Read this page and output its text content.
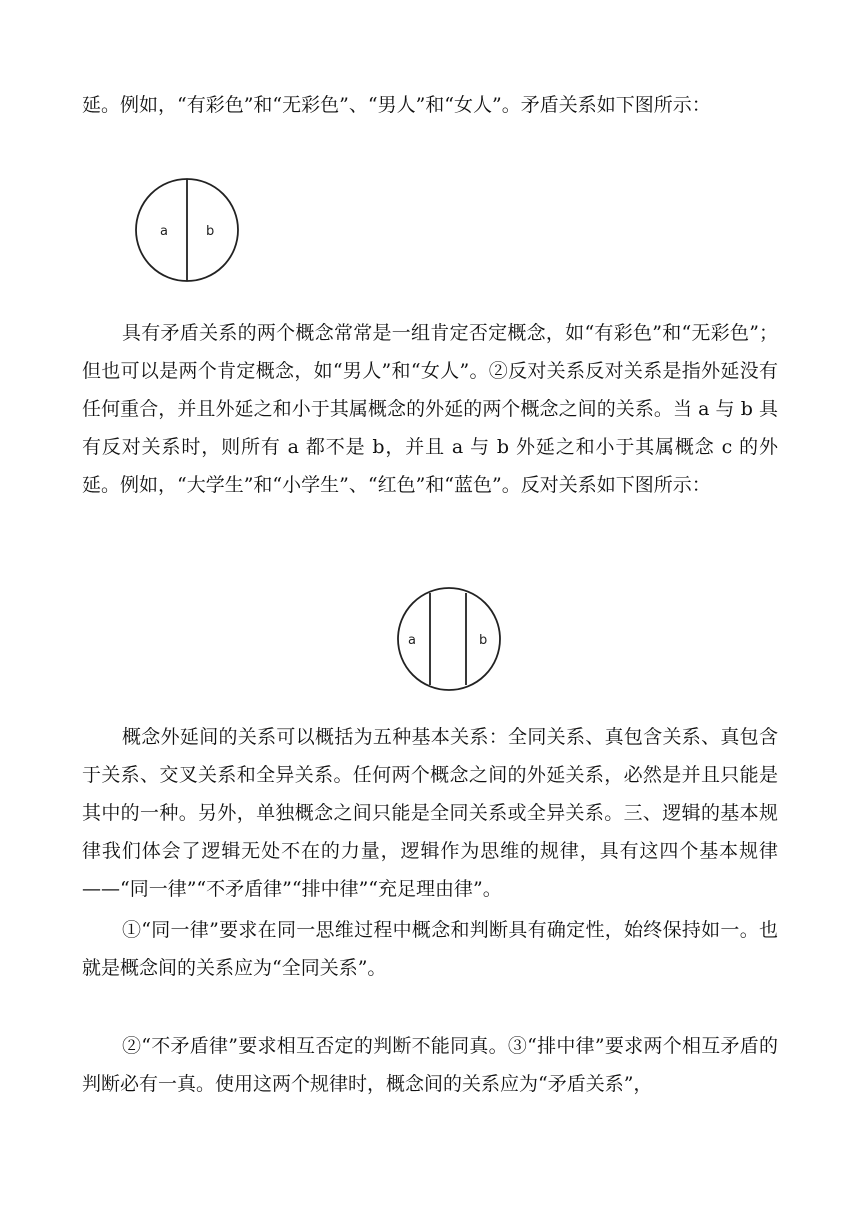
延。例如，“有彩色”和“无彩色”、“男人”和“女人”。矛盾关系如下图所示：

a	b

具有矛盾关系的两个概念常常是一组肯定否定概念，如“有彩色”和“无彩色”；但也可以是两个肯定概念，如“男人”和“女人”。②反对关系反对关系是指外延没有任何重合，并且外延之和小于其属概念的外延的两个概念之间的关系。当 a 与 b 具有反对关系时，则所有 a 都不是 b，并且 a 与 b 外延之和小于其属概念 c 的外延。例如，“大学生”和“小学生”、“红色”和“蓝色”。反对关系如下图所示：

a	b

概念外延间的关系可以概括为五种基本关系：全同关系、真包含关系、真包含于关系、交叉关系和全异关系。任何两个概念之间的外延关系，必然是并且只能是其中的一种。另外，单独概念之间只能是全同关系或全异关系。三、逻辑的基本规律我们体会了逻辑无处不在的力量，逻辑作为思维的规律，具有这四个基本规律——“同一律”“不矛盾律”“排中律”“充足理由律”。

①“同一律”要求在同一思维过程中概念和判断具有确定性，始终保持如一。也就是概念间的关系应为“全同关系”。

②“不矛盾律”要求相互否定的判断不能同真。③“排中律”要求两个相互矛盾的判断必有一真。使用这两个规律时，概念间的关系应为“矛盾关系”，
